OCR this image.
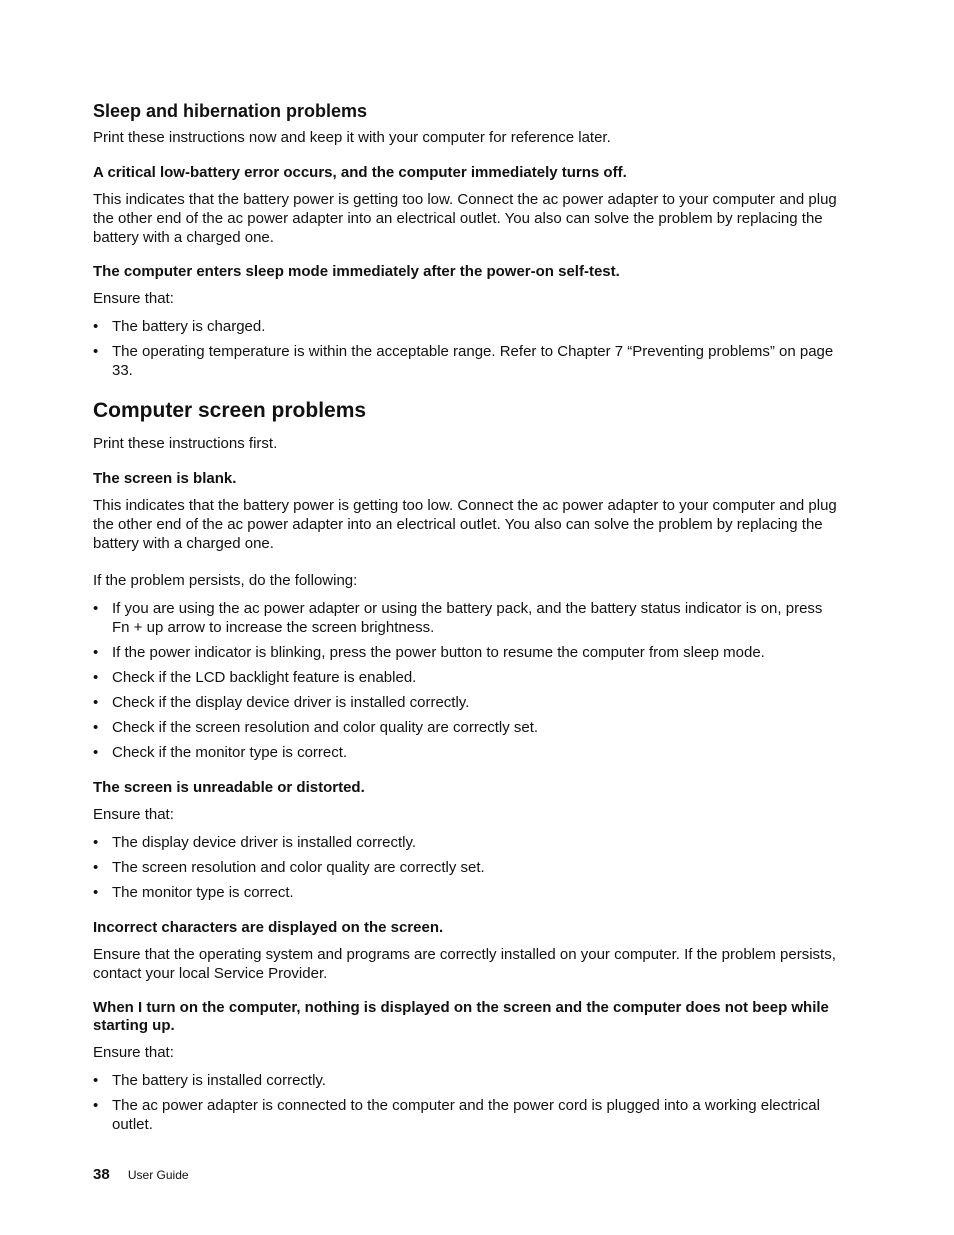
Sleep and hibernation problems

Print these instructions now and keep it with your computer for reference later.

A critical low-battery error occurs, and the computer immediately turns off.

This indicates that the battery power is getting too low. Connect the ac power adapter to your computer and plug the other end of the ac power adapter into an electrical outlet. You also can solve the problem by replacing the battery with a charged one.

The computer enters sleep mode immediately after the power-on self-test.

Ensure that:

• The battery is charged.
• The operating temperature is within the acceptable range. Refer to Chapter 7 “Preventing problems” on page 33.
Computer screen problems

Print these instructions first.

The screen is blank.

This indicates that the battery power is getting too low. Connect the ac power adapter to your computer and plug the other end of the ac power adapter into an electrical outlet. You also can solve the problem by replacing the battery with a charged one.

If the problem persists, do the following:

• If you are using the ac power adapter or using the battery pack, and the battery status indicator is on, press Fn + up arrow to increase the screen brightness.
• If the power indicator is blinking, press the power button to resume the computer from sleep mode.
• Check if the LCD backlight feature is enabled.
• Check if the display device driver is installed correctly.
• Check if the screen resolution and color quality are correctly set.
• Check if the monitor type is correct.
The screen is unreadable or distorted.

Ensure that:

• The display device driver is installed correctly.
• The screen resolution and color quality are correctly set.
• The monitor type is correct.
Incorrect characters are displayed on the screen.

Ensure that the operating system and programs are correctly installed on your computer. If the problem persists, contact your local Service Provider.

When I turn on the computer, nothing is displayed on the screen and the computer does not beep while starting up.

Ensure that:

• The battery is installed correctly.
• The ac power adapter is connected to the computer and the power cord is plugged into a working electrical outlet.
38 User Guide
